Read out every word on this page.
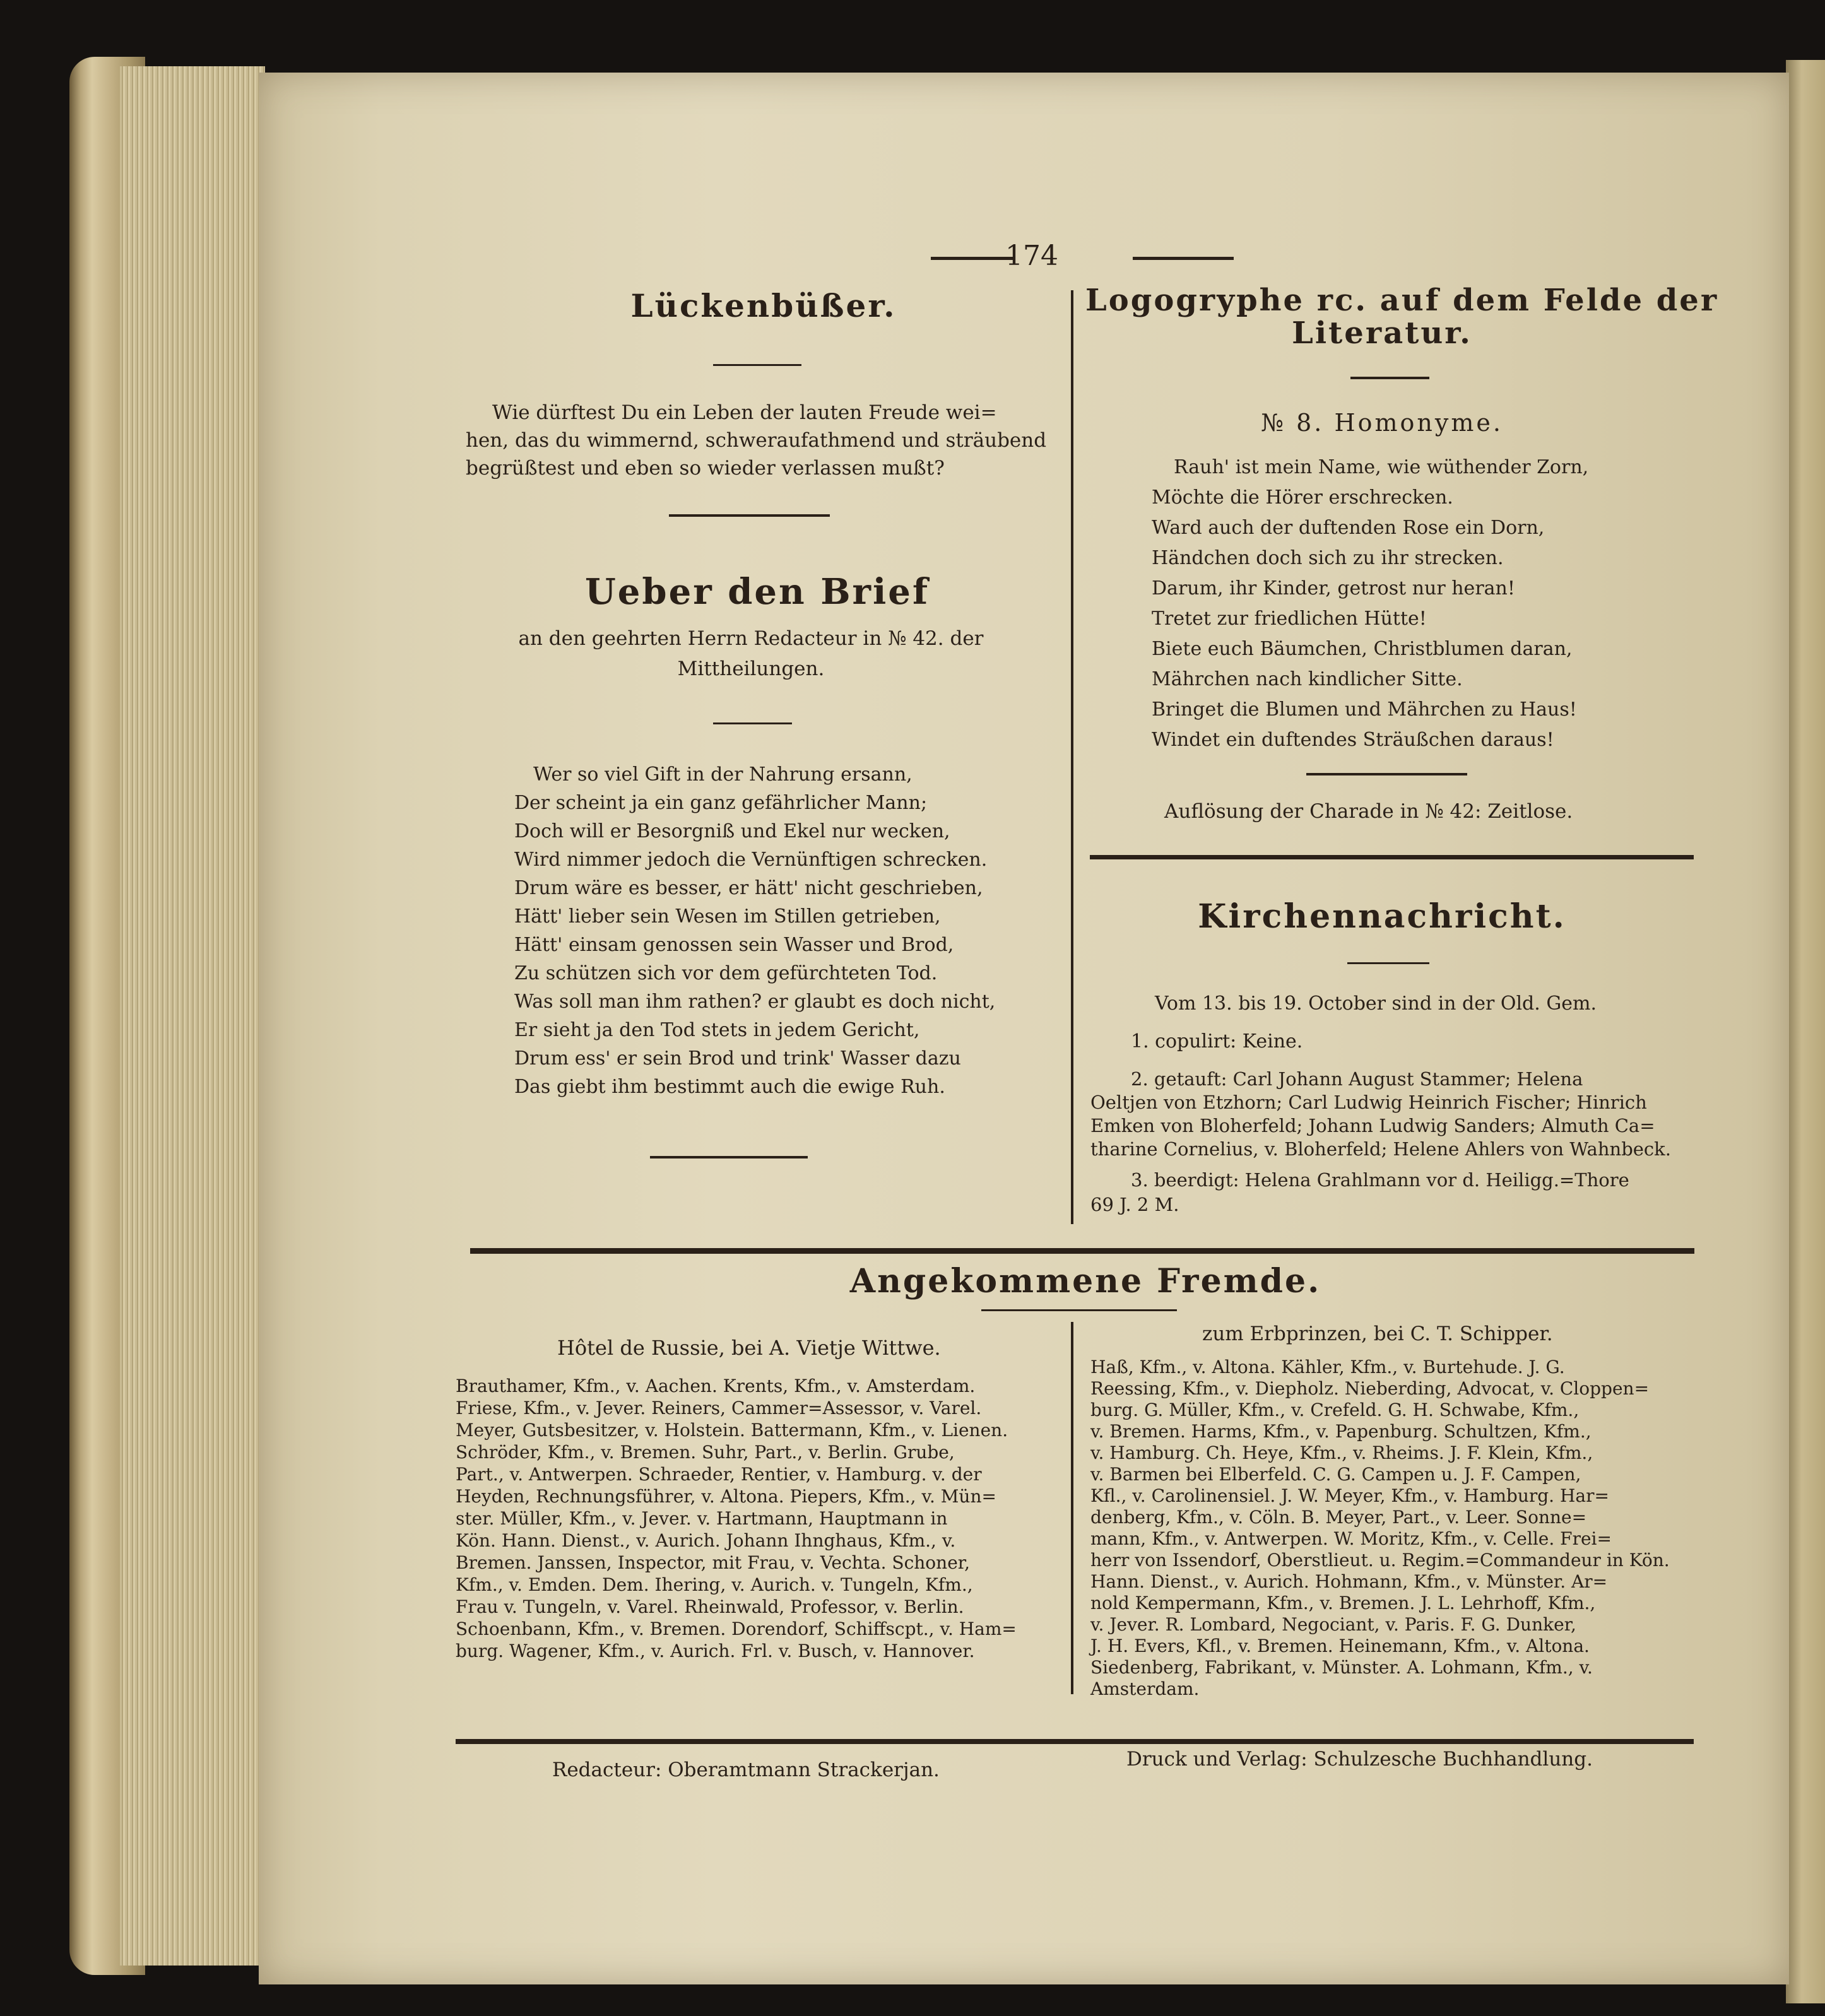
174
Lückenbüßer.
Wie dürftest Du ein Leben der lauten Freude wei=
hen, das du wimmernd, schweraufathmend und sträubend
begrüßtest und eben so wieder verlassen mußt?
Ueber den Brief
an den geehrten Herrn Redacteur in № 42. der
Mittheilungen.
Wer so viel Gift in der Nahrung ersann,
Der scheint ja ein ganz gefährlicher Mann;
Doch will er Besorgniß und Ekel nur wecken,
Wird nimmer jedoch die Vernünftigen schrecken.
Drum wäre es besser, er hätt' nicht geschrieben,
Hätt' lieber sein Wesen im Stillen getrieben,
Hätt' einsam genossen sein Wasser und Brod,
Zu schützen sich vor dem gefürchteten Tod.
Was soll man ihm rathen? er glaubt es doch nicht,
Er sieht ja den Tod stets in jedem Gericht,
Drum ess' er sein Brod und trink' Wasser dazu
Das giebt ihm bestimmt auch die ewige Ruh.
Logogryphe rc. auf dem Felde der
Literatur.
№ 8. Homonyme.
Rauh' ist mein Name, wie wüthender Zorn,
Möchte die Hörer erschrecken.
Ward auch der duftenden Rose ein Dorn,
Händchen doch sich zu ihr strecken.
Darum, ihr Kinder, getrost nur heran!
Tretet zur friedlichen Hütte!
Biete euch Bäumchen, Christblumen daran,
Mährchen nach kindlicher Sitte.
Bringet die Blumen und Mährchen zu Haus!
Windet ein duftendes Sträußchen daraus!
Auflösung der Charade in № 42: Zeitlose.
Kirchennachricht.
Vom 13. bis 19. October sind in der Old. Gem.
1. copulirt: Keine.
2. getauft: Carl Johann August Stammer; Helena
Oeltjen von Etzhorn; Carl Ludwig Heinrich Fischer; Hinrich
Emken von Bloherfeld; Johann Ludwig Sanders; Almuth Ca=
tharine Cornelius, v. Bloherfeld; Helene Ahlers von Wahnbeck.
3. beerdigt: Helena Grahlmann vor d. Heiligg.=Thore
69 J. 2 M.
Angekommene Fremde.
Hôtel de Russie, bei A. Vietje Wittwe.
zum Erbprinzen, bei C. T. Schipper.
Brauthamer, Kfm., v. Aachen. Krents, Kfm., v. Amsterdam.
Friese, Kfm., v. Jever. Reiners, Cammer=Assessor, v. Varel.
Meyer, Gutsbesitzer, v. Holstein. Battermann, Kfm., v. Lienen.
Schröder, Kfm., v. Bremen. Suhr, Part., v. Berlin. Grube,
Part., v. Antwerpen. Schraeder, Rentier, v. Hamburg. v. der
Heyden, Rechnungsführer, v. Altona. Piepers, Kfm., v. Mün=
ster. Müller, Kfm., v. Jever. v. Hartmann, Hauptmann in
Kön. Hann. Dienst., v. Aurich. Johann Ihnghaus, Kfm., v.
Bremen. Janssen, Inspector, mit Frau, v. Vechta. Schoner,
Kfm., v. Emden. Dem. Ihering, v. Aurich. v. Tungeln, Kfm.,
Frau v. Tungeln, v. Varel. Rheinwald, Professor, v. Berlin.
Schoenbann, Kfm., v. Bremen. Dorendorf, Schiffscpt., v. Ham=
burg. Wagener, Kfm., v. Aurich. Frl. v. Busch, v. Hannover.
Haß, Kfm., v. Altona. Kähler, Kfm., v. Burtehude. J. G.
Reessing, Kfm., v. Diepholz. Nieberding, Advocat, v. Cloppen=
burg. G. Müller, Kfm., v. Crefeld. G. H. Schwabe, Kfm.,
v. Bremen. Harms, Kfm., v. Papenburg. Schultzen, Kfm.,
v. Hamburg. Ch. Heye, Kfm., v. Rheims. J. F. Klein, Kfm.,
v. Barmen bei Elberfeld. C. G. Campen u. J. F. Campen,
Kfl., v. Carolinensiel. J. W. Meyer, Kfm., v. Hamburg. Har=
denberg, Kfm., v. Cöln. B. Meyer, Part., v. Leer. Sonne=
mann, Kfm., v. Antwerpen. W. Moritz, Kfm., v. Celle. Frei=
herr von Issendorf, Oberstlieut. u. Regim.=Commandeur in Kön.
Hann. Dienst., v. Aurich. Hohmann, Kfm., v. Münster. Ar=
nold Kempermann, Kfm., v. Bremen. J. L. Lehrhoff, Kfm.,
v. Jever. R. Lombard, Negociant, v. Paris. F. G. Dunker,
J. H. Evers, Kfl., v. Bremen. Heinemann, Kfm., v. Altona.
Siedenberg, Fabrikant, v. Münster. A. Lohmann, Kfm., v.
Amsterdam.
Redacteur: Oberamtmann Strackerjan.	Druck und Verlag: Schulzesche Buchhandlung.
